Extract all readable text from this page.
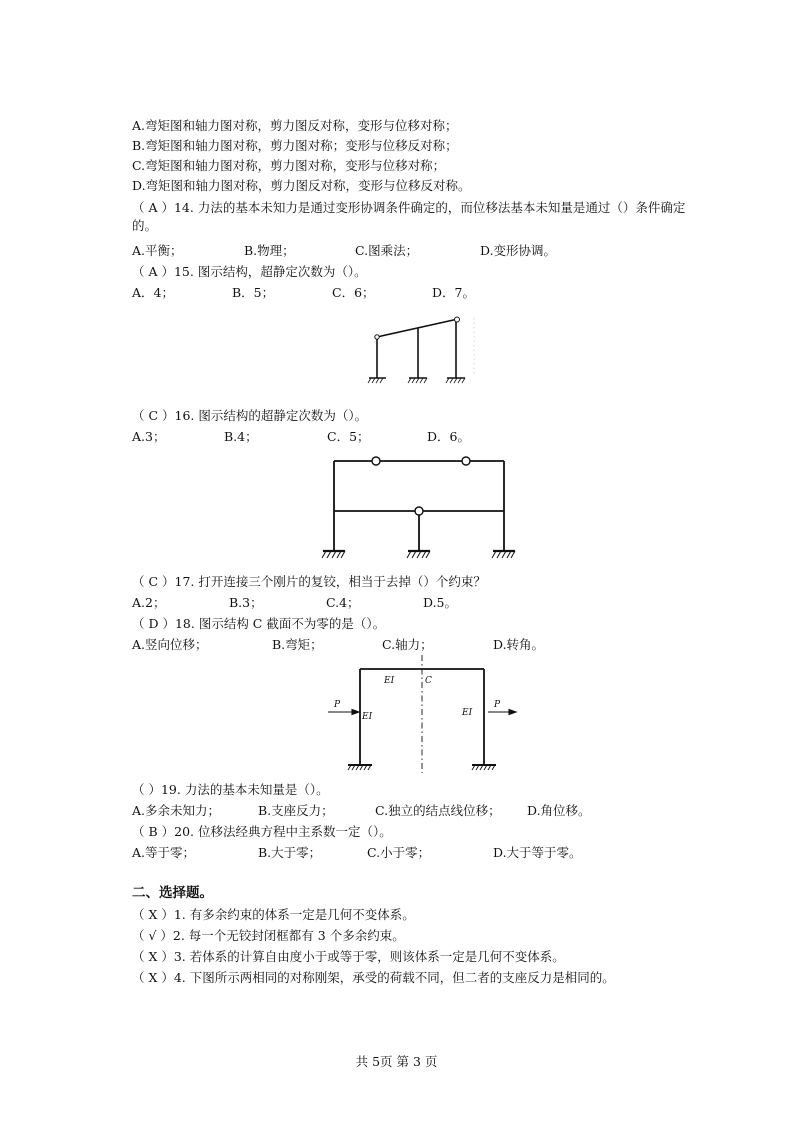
A.弯矩图和轴力图对称，剪力图反对称，变形与位移对称；
B.弯矩图和轴力图对称，剪力图对称；变形与位移反对称；
C.弯矩图和轴力图对称，剪力图对称，变形与位移对称；
D.弯矩图和轴力图对称，剪力图反对称，变形与位移反对称。
（ A ）14. 力法的基本未知力是通过变形协调条件确定的，而位移法基本未知量是通过（）条件确定的。
A.平衡；	B.物理；	C.图乘法；	D.变形协调。
（ A ）15. 图示结构，超静定次数为（）。
A．4；	B．5；	C．6；	D．7。
（ C ）16. 图示结构的超静定次数为（）。
A.3；	B.4；	C．5；	D．6。
（ C ）17. 打开连接三个刚片的复铰，相当于去掉（）个约束？
A.2；	B.3；	C.4；	D.5。
（ D ）18. 图示结构 C 截面不为零的是（）。
A.竖向位移；	B.弯矩；	C.轴力；	D.转角。
EI	C
P
EI	EI
P
（ ）19. 力法的基本未知量是（）。
A.多余未知力；	B.支座反力；	C.独立的结点线位移； D.角位移。
（ B ）20. 位移法经典方程中主系数一定（）。
A.等于零；	B.大于零；	C.小于零；	D.大于等于零。
二、选择题。
（ X ）1. 有多余约束的体系一定是几何不变体系。
（ √ ）2. 每一个无铰封闭框都有 3 个多余约束。
（ X ）3. 若体系的计算自由度小于或等于零，则该体系一定是几何不变体系。
（ X ）4. 下图所示两相同的对称刚架，承受的荷载不同，但二者的支座反力是相同的。
共 5页 第 3 页
